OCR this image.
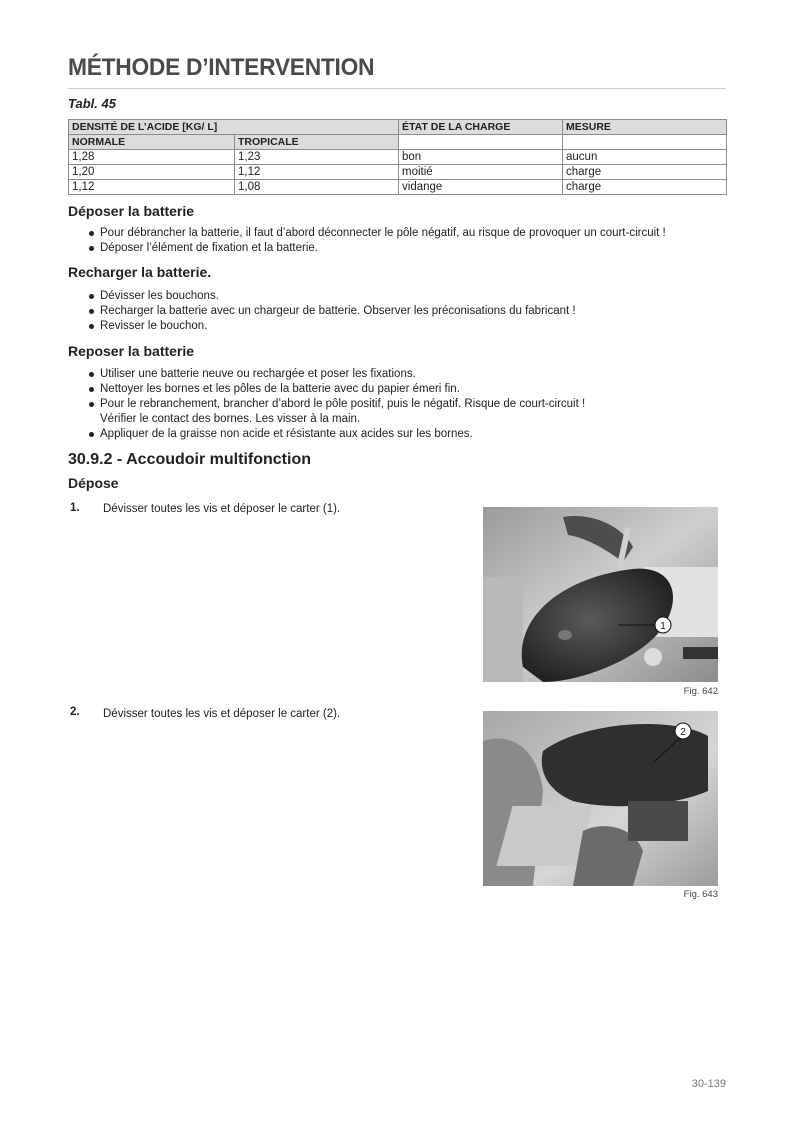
MÉTHODE D’INTERVENTION
Tabl. 45
DENSITÉ DE L’ACIDE [KG/ L]		ÉTAT DE LA CHARGE	MESURE
NORMALE	TROPICALE		
1,28	1,23	bon	aucun
1,20	1,12	moitié	charge
1,12	1,08	vidange	charge
Déposer la batterie
Pour débrancher la batterie, il faut d’abord déconnecter le pôle négatif, au risque de provoquer un court-circuit !
Déposer l’élément de fixation et la batterie.
Recharger la batterie.
Dévisser les bouchons.
Recharger la batterie avec un chargeur de batterie. Observer les préconisations du fabricant !
Revisser le bouchon.
Reposer la batterie
Utiliser une batterie neuve ou rechargée et poser les fixations.
Nettoyer les bornes et les pôles de la batterie avec du papier émeri fin.
Pour le rebranchement, brancher d’abord le pôle positif, puis le négatif. Risque de court-circuit !
Vérifier le contact des bornes. Les visser à la main.
Appliquer de la graisse non acide et résistante aux acides sur les bornes.
30.9.2 - Accoudoir multifonction
Dépose
1. Dévisser toutes les vis et déposer le carter (1).
1
Fig. 642
2. Dévisser toutes les vis et déposer le carter (2).
2
Fig. 643
30-139
